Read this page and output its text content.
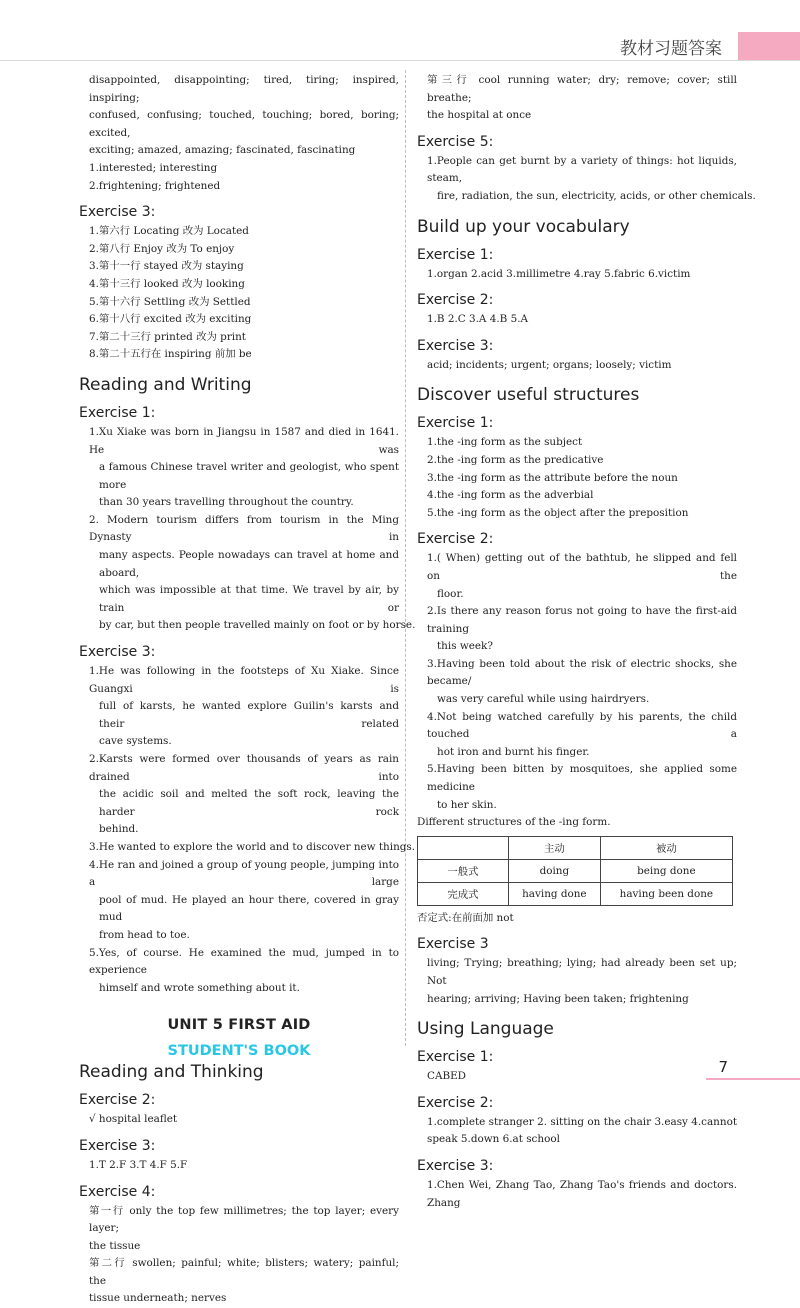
教材习题答案

disappointed, disappointing; tired, tiring; inspired, inspiring;

confused, confusing; touched, touching; bored, boring; excited,

exciting; amazed, amazing; fascinated, fascinating

1.interested; interesting

2.frightening; frightened

Exercise 3:

1.第六行 Locating 改为 Located

2.第八行 Enjoy 改为 To enjoy

3.第十一行 stayed 改为 staying

4.第十三行 looked 改为 looking

5.第十六行 Settling 改为 Settled

6.第十八行 excited 改为 exciting

7.第二十三行 printed 改为 print

8.第二十五行在 inspiring 前加 be

Reading and Writing
Exercise 1:

1.Xu Xiake was born in Jiangsu in 1587 and died in 1641. He was

a famous Chinese travel writer and geologist, who spent more

than 30 years travelling throughout the country.

2. Modern tourism differs from tourism in the Ming Dynasty in

many aspects. People nowadays can travel at home and aboard,

which was impossible at that time. We travel by air, by train or

by car, but then people travelled mainly on foot or by horse.

Exercise 3:

1.He was following in the footsteps of Xu Xiake. Since Guangxi is

full of karsts, he wanted explore Guilin's karsts and their related

cave systems.

2.Karsts were formed over thousands of years as rain drained into

the acidic soil and melted the soft rock, leaving the harder rock

behind.

3.He wanted to explore the world and to discover new things.

4.He ran and joined a group of young people, jumping into a large

pool of mud. He played an hour there, covered in gray mud

from head to toe.

5.Yes, of course. He examined the mud, jumped in to experience

himself and wrote something about it.

UNIT 5 FIRST AID
STUDENT'S BOOK
Reading and Thinking
Exercise 2:

√ hospital leaflet

Exercise 3:

1.T 2.F 3.T 4.F 5.F

Exercise 4:

第一行 only the top few millimetres; the top layer; every layer;

the tissue

第二行 swollen; painful; white; blisters; watery; painful; the

tissue underneath; nerves

第三行 cool running water; dry; remove; cover; still breathe;

the hospital at once

Exercise 5:

1.People can get burnt by a variety of things: hot liquids, steam,

fire, radiation, the sun, electricity, acids, or other chemicals.

Build up your vocabulary
Exercise 1:

1.organ 2.acid 3.millimetre 4.ray 5.fabric 6.victim

Exercise 2:

1.B 2.C 3.A 4.B 5.A

Exercise 3:

acid; incidents; urgent; organs; loosely; victim

Discover useful structures
Exercise 1:

1.the -ing form as the subject

2.the -ing form as the predicative

3.the -ing form as the attribute before the noun

4.the -ing form as the adverbial

5.the -ing form as the object after the preposition

Exercise 2:

1.( When) getting out of the bathtub, he slipped and fell on the

floor.

2.Is there any reason forus not going to have the first-aid training

this week?

3.Having been told about the risk of electric shocks, she became/

was very careful while using hairdryers.

4.Not being watched carefully by his parents, the child touched a

hot iron and burnt his finger.

5.Having been bitten by mosquitoes, she applied some medicine

to her skin.

Different structures of the -ing form.

	主动	被动
一般式	doing	being done
完成式	having done	having been done

否定式:在前面加 not

Exercise 3

living; Trying; breathing; lying; had already been set up; Not

hearing; arriving; Having been taken; frightening

Using Language
Exercise 1:

CABED

Exercise 2:

1.complete stranger 2. sitting on the chair 3.easy 4.cannot

speak 5.down 6.at school

Exercise 3:

1.Chen Wei, Zhang Tao, Zhang Tao's friends and doctors. Zhang

7
